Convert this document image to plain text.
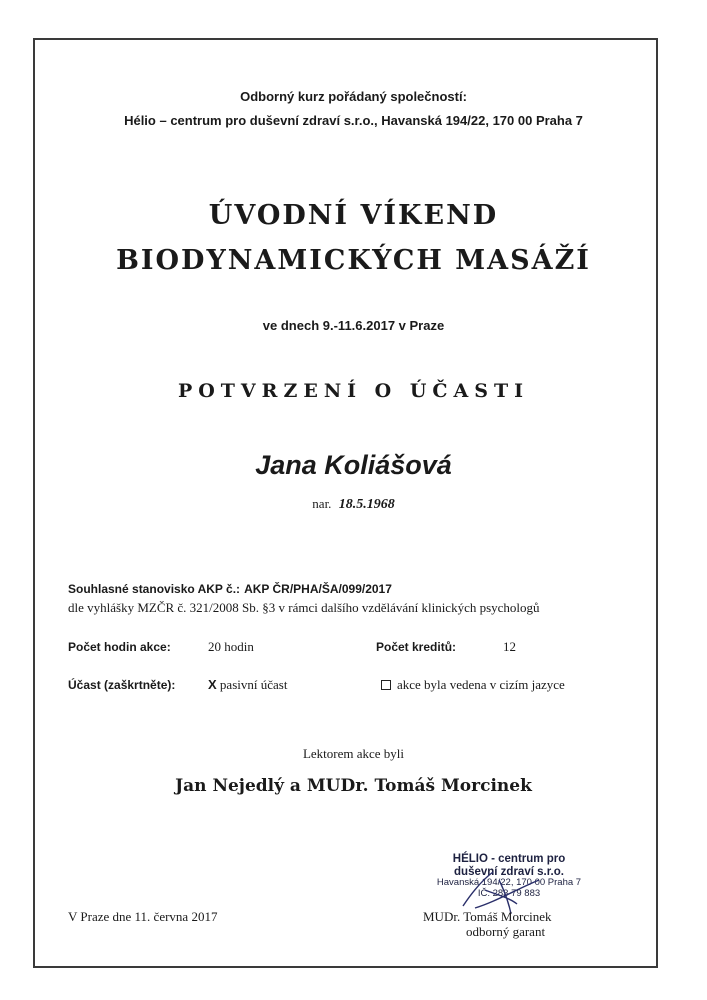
Odborný kurz pořádaný společností:
Hélio – centrum pro duševní zdraví s.r.o., Havanská 194/22, 170 00 Praha 7
ÚVODNÍ VÍKEND
BIODYNAMICKÝCH MASÁŽÍ
ve dnech 9.-11.6.2017 v Praze
POTVRZENÍ O ÚČASTI
Jana Koliášová
nar. 18.5.1968
Souhlasné stanovisko AKP č.: AKP ČR/PHA/ŠA/099/2017
dle vyhlášky MZČR č. 321/2008 Sb. §3 v rámci dalšího vzdělávání klinických psychologů
Počet hodin akce:	20 hodin	Počet kreditů:	12
Účast (zaškrtněte):	X pasivní účast	akce byla vedena v cizím jazyce
Lektorem akce byli
Jan Nejedlý a MUDr. Tomáš Morcinek
HÉLIO - centrum pro
duševní zdraví s.r.o.
Havanská 194/22, 170 00 Praha 7
IČ: 283 79 883
V Praze dne 11. června 2017	MUDr. Tomáš Morcinek
odborný garant
